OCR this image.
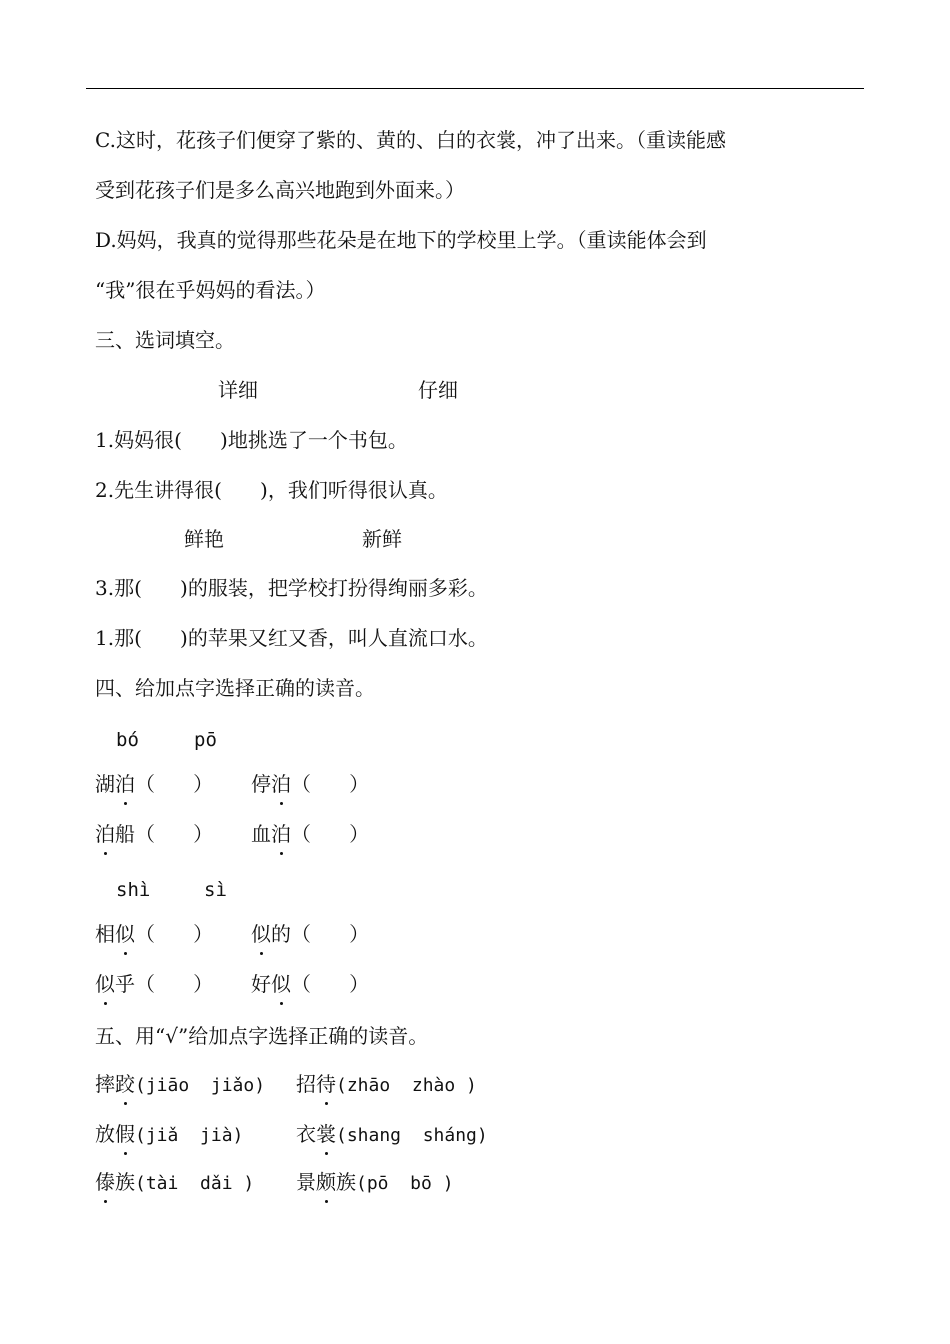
C.这时，花孩子们便穿了紫的、黄的、白的衣裳，冲了出来。（重读能感
受到花孩子们是多么高兴地跑到外面来。）
D.妈妈，我真的觉得那些花朵是在地下的学校里上学。（重读能体会到
“我”很在乎妈妈的看法。）
三、选词填空。
详细	仔细
1.妈妈很(      )地挑选了一个书包。
2.先生讲得很(      )，我们听得很认真。
鲜艳	新鲜
3.那(      )的服装，把学校打扮得绚丽多彩。
1.那(      )的苹果又红又香，叫人直流口水。
四、给加点字选择正确的读音。
bó	pō
湖泊（      ） 停泊（      ）
泊船（      ） 血泊（      ）
shì	sì
相似（      ） 似的（      ）
似乎（      ） 好似（      ）
五、用“√”给加点字选择正确的读音。
摔跤(jiāo  jiǎo) 招待(zhāo  zhào )
放假(jiǎ  jià)	衣裳(shang  sháng)
傣族(tài  dǎi ) 景颇族(pō  bō )
